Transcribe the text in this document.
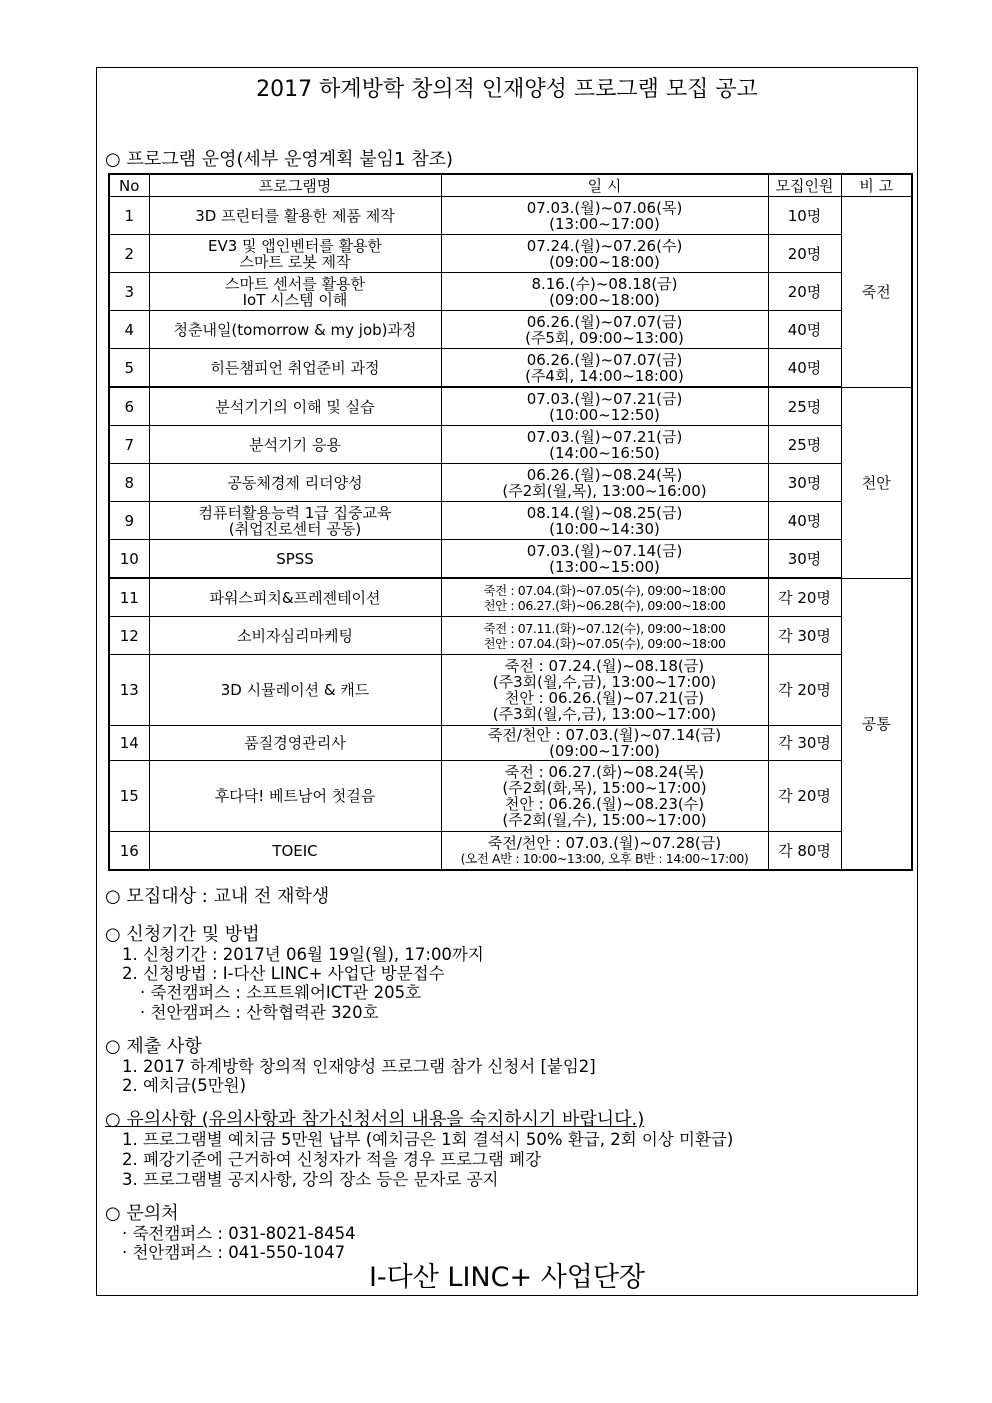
2017 하계방학 창의적 인재양성 프로그램 모집 공고
○ 프로그램 운영(세부 운영계획 붙임1 참조)
No	프로그램명	일 시	모집인원	비 고
1	3D 프린터를 활용한 제품 제작	07.03.(월)~07.06(목)
(13:00~17:00)	10명	죽전
2	EV3 및 앱인벤터를 활용한
스마트 로봇 제작	07.24.(월)~07.26(수)
(09:00~18:00)	20명	
3	스마트 센서를 활용한
IoT 시스템 이해	8.16.(수)~08.18(금)
(09:00~18:00)	20명	
4	청춘내일(tomorrow & my job)과정	06.26.(월)~07.07(금)
(주5회, 09:00~13:00)	40명	
5	히든챔피언 취업준비 과정	06.26.(월)~07.07(금)
(주4회, 14:00~18:00)	40명	
6	분석기기의 이해 및 실습	07.03.(월)~07.21(금)
(10:00~12:50)	25명	천안
7	분석기기 응용	07.03.(월)~07.21(금)
(14:00~16:50)	25명	
8	공동체경제 리더양성	06.26.(월)~08.24(목)
(주2회(월,목), 13:00~16:00)	30명	
9	컴퓨터활용능력 1급 집중교육
(취업진로센터 공동)	08.14.(월)~08.25(금)
(10:00~14:30)	40명	
10	SPSS	07.03.(월)~07.14(금)
(13:00~15:00)	30명	
11	파워스피치&프레젠테이션	죽전 : 07.04.(화)~07.05(수), 09:00~18:00
천안 : 06.27.(화)~06.28(수), 09:00~18:00	각 20명	공통
12	소비자심리마케팅	죽전 : 07.11.(화)~07.12(수), 09:00~18:00
천안 : 07.04.(화)~07.05(수), 09:00~18:00	각 30명	
13	3D 시뮬레이션 & 캐드	죽전 : 07.24.(월)~08.18(금)
(주3회(월,수,금), 13:00~17:00)
천안 : 06.26.(월)~07.21(금)
(주3회(월,수,금), 13:00~17:00)	각 20명	
14	품질경영관리사	죽전/천안 : 07.03.(월)~07.14(금)
(09:00~17:00)	각 30명	
15	후다닥! 베트남어 첫걸음	죽전 : 06.27.(화)~08.24(목)
(주2회(화,목), 15:00~17:00)
천안 : 06.26.(월)~08.23(수)
(주2회(월,수), 15:00~17:00)	각 20명	
16	TOEIC	죽전/천안 : 07.03.(월)~07.28(금)
(오전 A반 : 10:00~13:00, 오후 B반 : 14:00~17:00)	각 80명	
○ 모집대상 : 교내 전 재학생
○ 신청기간 및 방법
1. 신청기간 : 2017년 06월 19일(월), 17:00까지
2. 신청방법 : I-다산 LINC+ 사업단 방문접수
· 죽전캠퍼스 : 소프트웨어ICT관 205호
· 천안캠퍼스 : 산학협력관 320호
○ 제출 사항
1. 2017 하계방학 창의적 인재양성 프로그램 참가 신청서 [붙임2]
2. 예치금(5만원)
○ 유의사항 (유의사항과 참가신청서의 내용을 숙지하시기 바랍니다.)
1. 프로그램별 예치금 5만원 납부 (예치금은 1회 결석시 50% 환급, 2회 이상 미환급)
2. 폐강기준에 근거하여 신청자가 적을 경우 프로그램 폐강
3. 프로그램별 공지사항, 강의 장소 등은 문자로 공지
○ 문의처
· 죽전캠퍼스 : 031-8021-8454
· 천안캠퍼스 : 041-550-1047
I-다산 LINC+ 사업단장
